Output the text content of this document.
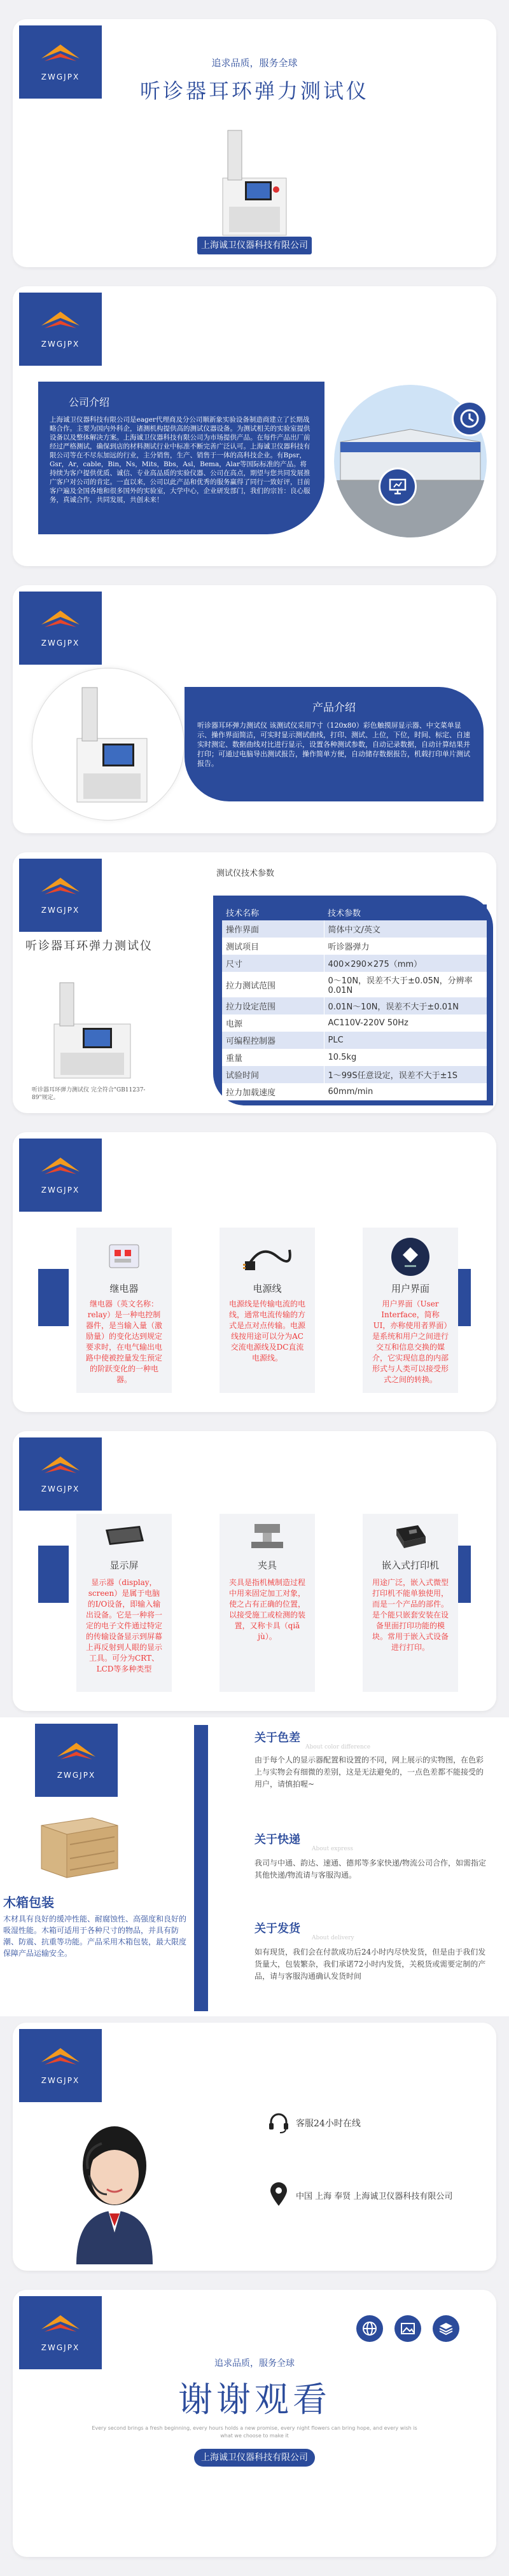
ZWGJPX
追求品质，服务全球
听诊器耳环弹力测试仪
上海诚卫仪器科技有限公司
ZWGJPX
公司介绍
上海诚卫仪器科技有限公司是eager代理商及分公司顺新象实验设备制造商建立了长期战略合作。主要为国内外科企，诸测机构提供高的测试仪器设备。为测试相关的实验室提供设备以及整体解决方案。上海诚卫仪器科技有限公司为市场提供产品。在每件产品出厂前经过严格测试，确保到店的材料测试行业中标准不断完善广泛认可。上海诚卫仪器科技有限公司等在不尽东加远的行业，主分销售，生产、销售于一体的高科技企业。有Bpsr，Gsr，Ar，cable，Bin，Ns，Mits，Bbs，Asl，Bema，Alar等国际标准的产品。将持续为客户提供优质、诚信、专业高品质的实验仪器、公司在高点，期望与您共同发展推广客户对公司的肯定。一直以来，公司以此产品和优秀的服务赢得了同行一致好评，目前客户遍及全国各地和很多国外的实验室，大学中心，企业研发部门，我们的宗旨：良心服务，真诚合作，共同发展，共创未来！
ZWGJPX
产品介绍
听诊器耳环弹力测试仪 该测试仪采用7寸（120x80）彩色触摸屏显示器、中文菜单显示、操作界面简洁，可实时显示测试曲线，打印、测试、上位，下位，时间、标定、自速实时测定、数据曲线对比进行显示，设置各种测试参数，自动记录数据，自动计算结果并打印；可通过电脑导出测试报告，操作简单方便，自动储存数据报告，机载打印单片测试报告。
ZWGJPX
听诊器耳环弹力测试仪
听诊器耳环弹力测试仪 完全符合"GB11237-89"规定。
测试仪技术参数
技术名称	技术参数
操作界面	简体中文/英文
测试项目	听诊器弹力
尺寸	400×290×275（mm）
拉力测试范围	0～10N，误差不大于±0.05N，分辨率0.01N
拉力设定范围	0.01N～10N，误差不大于±0.01N
电源	AC110V-220V 50Hz
可编程控制器	PLC
重量	10.5kg
试验时间	1～99S任意设定，误差不大于±1S
拉力加载速度	60mm/min
ZWGJPX
继电器
继电器（英文名称：relay）是一种电控制器件，是当输入量（激励量）的变化达到规定要求时，在电气输出电路中使被控量发生预定的阶跃变化的一种电器。
电源线
电源线是传输电流的电线，通常电流传输的方式是点对点传输。电源线按用途可以分为AC交流电源线及DC直流电源线。
用户界面
用户界面（User Interface，简称 UI，亦称使用者界面）是系统和用户之间进行交互和信息交换的媒介，它实现信息的内部形式与人类可以接受形式之间的转换。
ZWGJPX
显示屏
显示器（display，screen）是属于电脑的I/O设备，即输入输出设备。它是一种将一定的电子文件通过特定的传输设备显示到屏幕上再反射到人眼的显示工具。可分为CRT、LCD等多种类型
夹具
夹具是指机械制造过程中用来固定加工对象，使之占有正确的位置，以接受施工或检测的装置，又称卡具（qiǎ jù）。
嵌入式打印机
用途广泛，嵌入式微型打印机不能单独使用，而是一个产品的部件。是个能只嵌套安装在设备里面打印功能的模块。常用于嵌入式设备进行打印。
ZWGJPX
木箱包装
木材具有良好的缓冲性能、耐腐蚀性、高强度和良好的吸湿性能。木箱可适用于各种尺寸的物品，并具有防潮、防震、抗重等功能。产品采用木箱包装，最大限度保障产品运输安全。
关于色差
About color difference
由于每个人的显示器配置和设置的不同，网上展示的实物图，在色彩上与实物会有细微的差别，这是无法避免的，一点色差都不能接受的用户，请慎拍喔~
关于快递
About express
我司与中通、韵达、速通、德邦等多家快递/物流公司合作，如需指定其他快递/物流请与客服沟通。
关于发货
About delivery
如有现货，我们会在付款成功后24小时内尽快发货，但是由于我们发货量大，包装繁杂，我们承诺72小时内发货，关税货或需要定制的产品，请与客服沟通确认发货时间
ZWGJPX
客服24小时在线
中国 上海 奉贤 上海诚卫仪器科技有限公司
ZWGJPX
追求品质，服务全球
谢谢观看
Every second brings a fresh beginning, every hours holds a new promise, every night flowers can bring hope, and every wish is what we choose to make it
上海诚卫仪器科技有限公司
